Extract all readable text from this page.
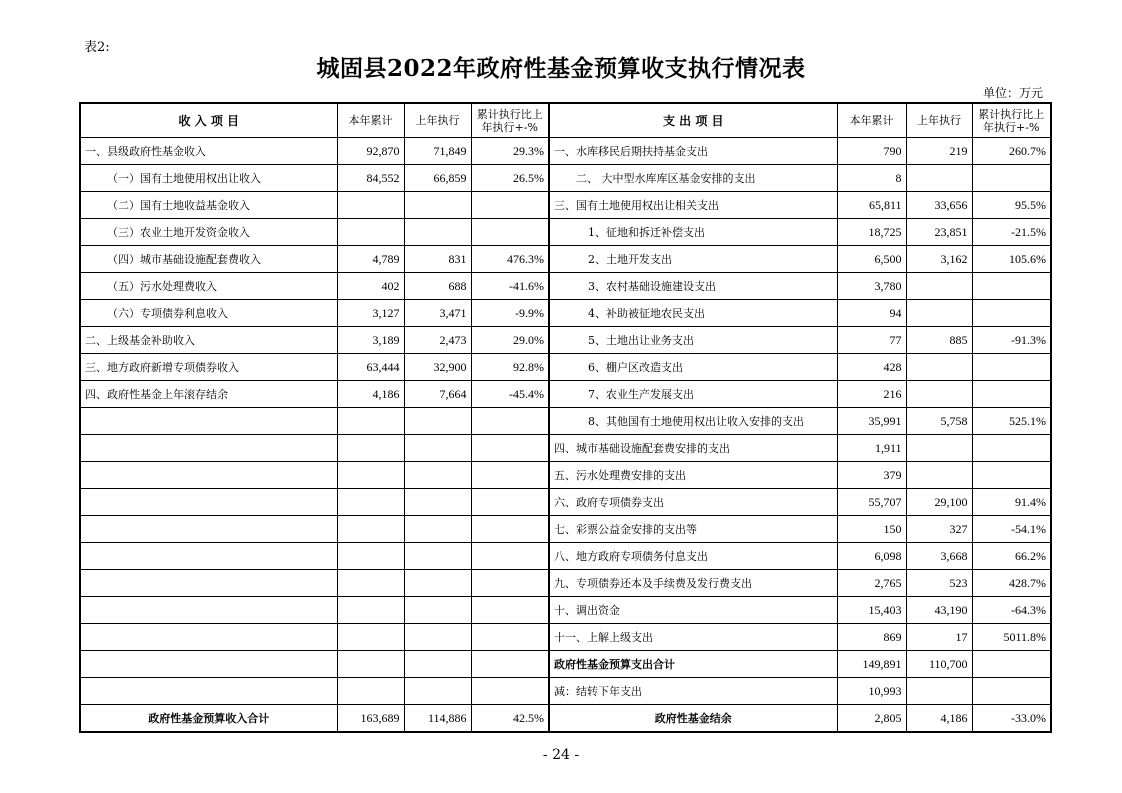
表2:
城固县2022年政府性基金预算收支执行情况表
单位：万元
收 入 项 目	本年累计	上年执行	累计执行比上年执行+-%	支 出 项 目	本年累计	上年执行	累计执行比上年执行+-%
一、县级政府性基金收入	92,870	71,849	29.3%	一、水库移民后期扶持基金支出	790	219	260.7%
（一）国有土地使用权出让收入	84,552	66,859	26.5%	二、 大中型水库库区基金安排的支出	8		
（二）国有土地收益基金收入				三、国有土地使用权出让相关支出	65,811	33,656	95.5%
（三）农业土地开发资金收入				1、征地和拆迁补偿支出	18,725	23,851	-21.5%
（四）城市基础设施配套费收入	4,789	831	476.3%	2、土地开发支出	6,500	3,162	105.6%
（五）污水处理费收入	402	688	-41.6%	3、农村基础设施建设支出	3,780		
（六）专项债券利息收入	3,127	3,471	-9.9%	4、补助被征地农民支出	94		
二、上级基金补助收入	3,189	2,473	29.0%	5、土地出让业务支出	77	885	-91.3%
三、地方政府新增专项债券收入	63,444	32,900	92.8%	6、棚户区改造支出	428		
四、政府性基金上年滚存结余	4,186	7,664	-45.4%	7、农业生产发展支出	216		
				8、其他国有土地使用权出让收入安排的支出	35,991	5,758	525.1%
				四、城市基础设施配套费安排的支出	1,911		
				五、污水处理费安排的支出	379		
				六、政府专项债券支出	55,707	29,100	91.4%
				七、彩票公益金安排的支出等	150	327	-54.1%
				八、地方政府专项债务付息支出	6,098	3,668	66.2%
				九、专项债券还本及手续费及发行费支出	2,765	523	428.7%
				十、调出资金	15,403	43,190	-64.3%
				十一、上解上级支出	869	17	5011.8%
				政府性基金预算支出合计	149,891	110,700	
				减：结转下年支出	10,993		
政府性基金预算收入合计	163,689	114,886	42.5%	政府性基金结余	2,805	4,186	-33.0%
- 24 -
